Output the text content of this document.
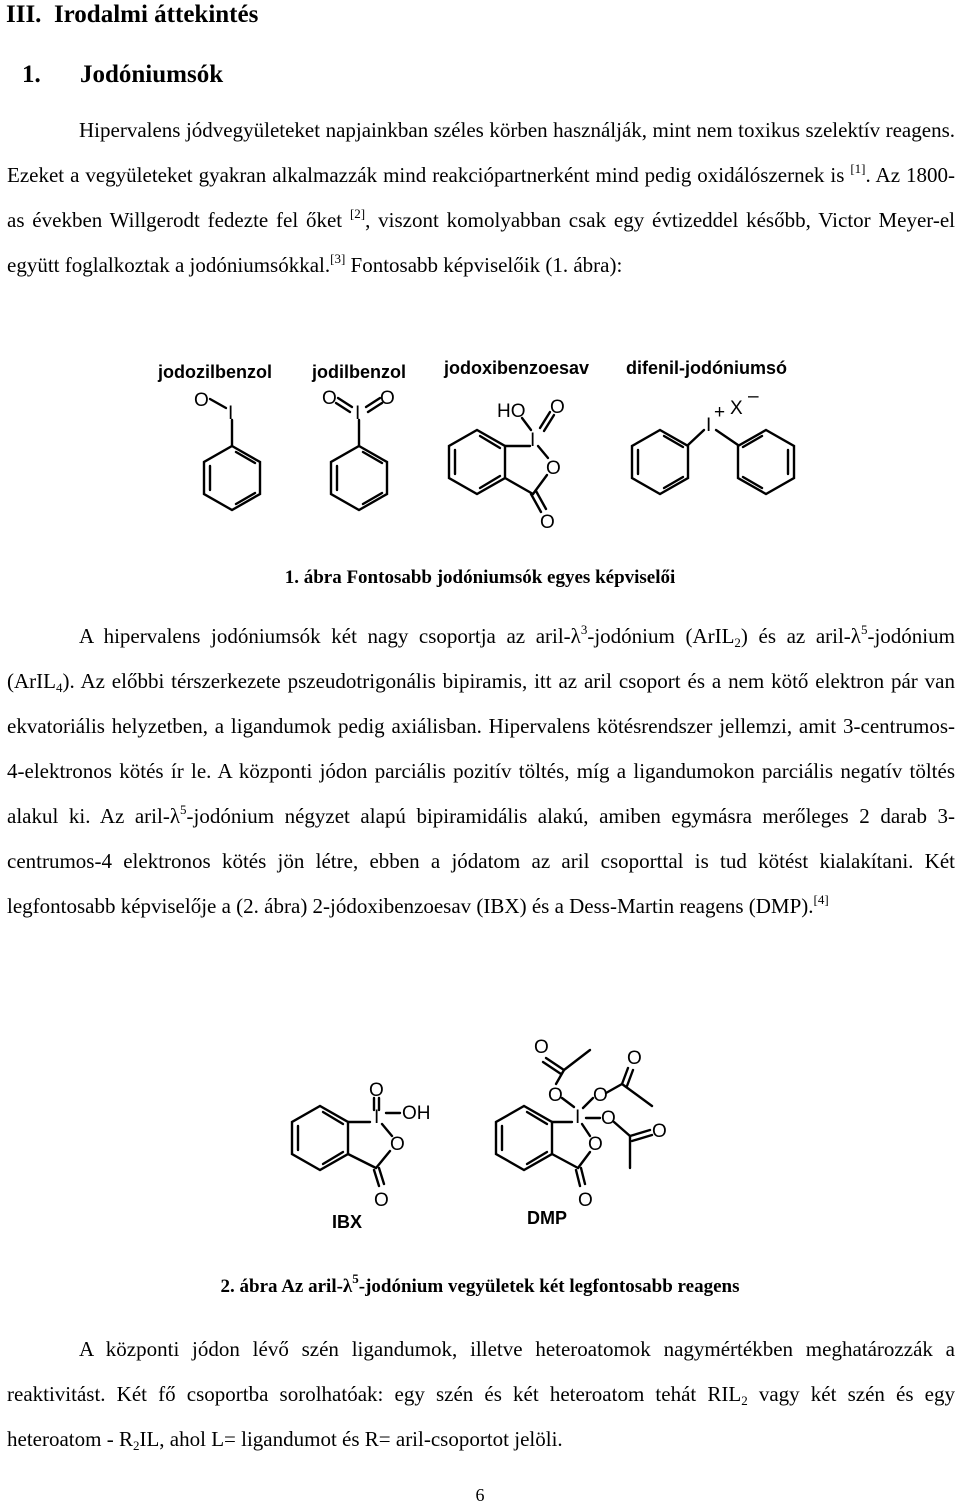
III. Irodalmi áttekintés
1. Jodóniumsók

Hipervalens jódvegyületeket napjainkban széles körben használják, mint nem toxikus szelektív reagens. Ezeket a vegyületeket gyakran alkalmazzák mind reakciópartnerként mind pedig oxidálószernek is [1]. Az 1800-as években Willgerodt fedezte fel őket [2], viszont komolyabban csak egy évtizeddel később, Victor Meyer-el együtt foglalkoztak a jodóniumsókkal.[3] Fontosabb képviselőik (1. ábra):

jodozilbenzol jodilbenzol jodoxibenzoesav difenil-jodóniumsó
O
I
O
I
O
HO O
I
O
O
I
+ X
–

1. ábra Fontosabb jodóniumsók egyes képviselői

A hipervalens jodóniumsók két nagy csoportja az aril-$\lambda^3$-jodónium (ArIL$_2$) és az aril-$\lambda^5$-jodónium (ArIL$_4$). Az előbbi térszerkezete pszeudotrigonális bipiramis, itt az aril csoport és a nem kötő elektron pár van ekvatoriális helyzetben, a ligandumok pedig axiálisban. Hipervalens kötésrendszer jellemzi, amit 3-centrumos-4-elektronos kötés ír le. A központi jódon parciális pozitív töltés, míg a ligandumokon parciális negatív töltés alakul ki. Az aril-$\lambda^5$-jodónium négyzet alapú bipiramidális alakú, amiben egymásra merőleges 2 darab 3-centrumos-4 elektronos kötés jön létre, ebben a jódatom az aril csoporttal is tud kötést kialakítani. Két legfontosabb képviselője a (2. ábra) 2-jódoxibenzoesav (IBX) és a Dess-Martin reagens (DMP).[4]

O
I OH
O
O
I
O
O
O
O
O
O
O
O
IBX	DMP

2. ábra Az aril-$\lambda^5$-jodónium vegyületek két legfontosabb reagens

A központi jódon lévő szén ligandumok, illetve heteroatomok nagymértékben meghatározzák a reaktivitást. Két fő csoportba sorolhatóak: egy szén és két heteroatom tehát $RIL_2$ vagy két szén és egy heteroatom - $R_2IL$, ahol L= ligandumot és R= aril-csoportot jelöli.

6
